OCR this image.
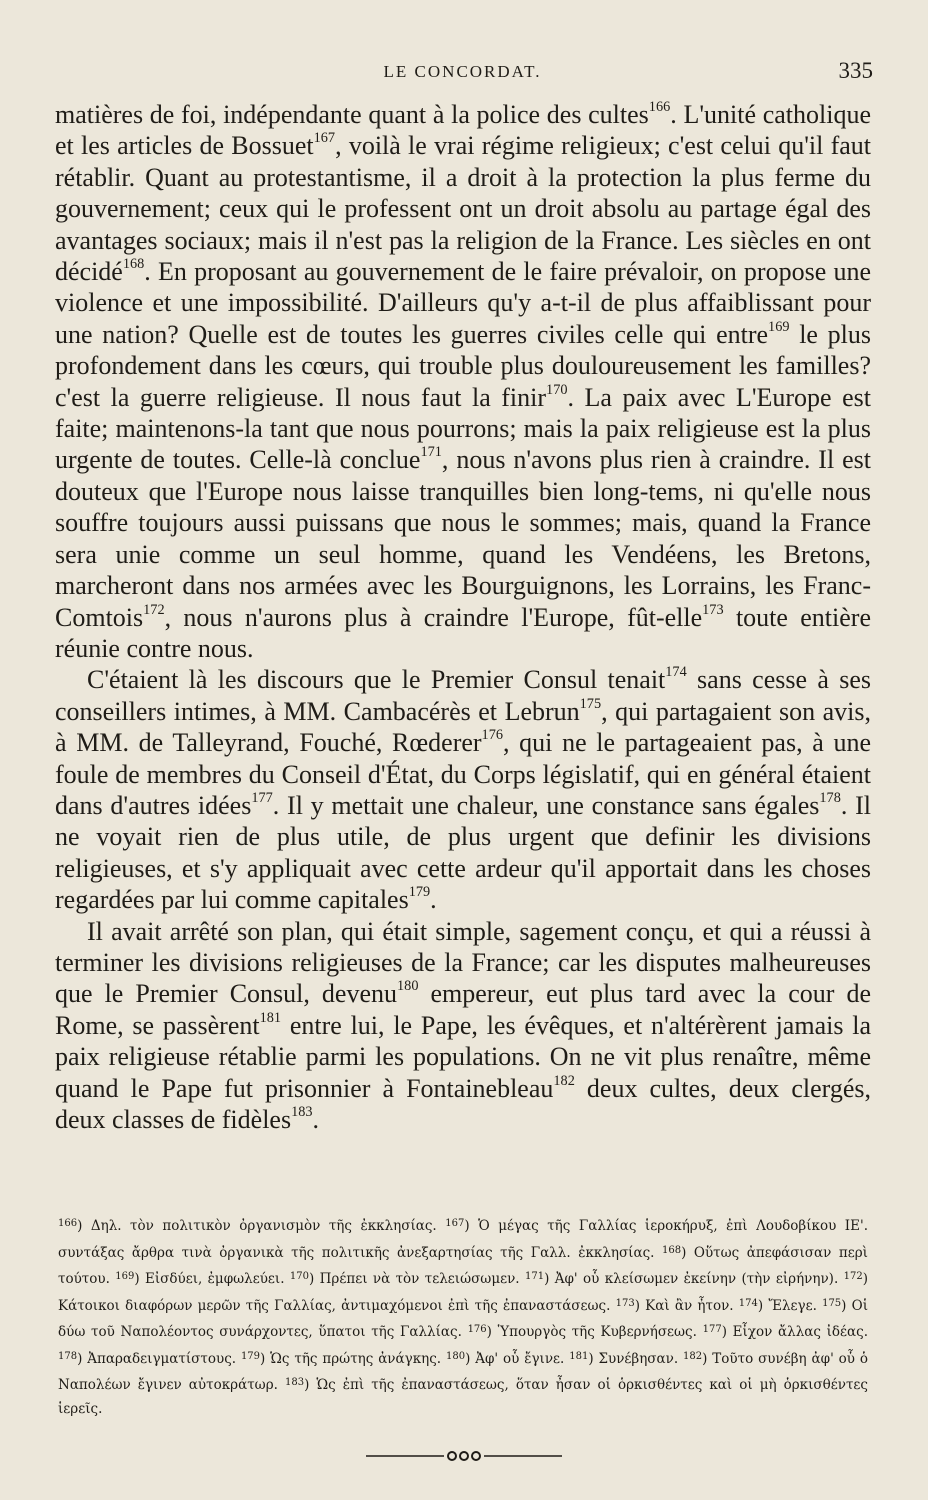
LE CONCORDAT.	335

matières de foi, indépendante quant à la police des cultes$^{166}$. L'unité catholique et les articles de Bossuet$^{167}$, voilà le vrai régime religieux; c'est celui qu'il faut rétablir. Quant au protestantisme, il a droit à la protection la plus ferme du gouvernement; ceux qui le professent ont un droit absolu au partage égal des avantages sociaux; mais il n'est pas la religion de la France. Les siècles en ont décidé$^{168}$. En proposant au gouvernement de le faire prévaloir, on propose une violence et une impossibilité. D'ailleurs qu'y a-t-il de plus affaiblissant pour une nation? Quelle est de toutes les guerres civiles celle qui entre$^{169}$ le plus profondement dans les cœurs, qui trouble plus douloureusement les familles? c'est la guerre religieuse. Il nous faut la finir$^{170}$. La paix avec L'Europe est faite; maintenons-la tant que nous pourrons; mais la paix religieuse est la plus urgente de toutes. Celle-là conclue$^{171}$, nous n'avons plus rien à craindre. Il est douteux que l'Europe nous laisse tranquilles bien long-tems, ni qu'elle nous souffre toujours aussi puissans que nous le sommes; mais, quand la France sera unie comme un seul homme, quand les Vendéens, les Bretons, marcheront dans nos armées avec les Bourguignons, les Lorrains, les Franc-Comtois$^{172}$, nous n'aurons plus à craindre l'Europe, fût-elle$^{173}$ toute entière réunie contre nous.

C'étaient là les discours que le Premier Consul tenait$^{174}$ sans cesse à ses conseillers intimes, à MM. Cambacérès et Lebrun$^{175}$, qui partagaient son avis, à MM. de Talleyrand, Fouché, Rœderer$^{176}$, qui ne le partageaient pas, à une foule de membres du Conseil d'État, du Corps législatif, qui en général étaient dans d'autres idées$^{177}$. Il y mettait une chaleur, une constance sans égales$^{178}$. Il ne voyait rien de plus utile, de plus urgent que definir les divisions religieuses, et s'y appliquait avec cette ardeur qu'il apportait dans les choses regardées par lui comme capitales$^{179}$.

Il avait arrêté son plan, qui était simple, sagement conçu, et qui a réussi à terminer les divisions religieuses de la France; car les disputes malheureuses que le Premier Consul, devenu$^{180}$ empereur, eut plus tard avec la cour de Rome, se passèrent$^{181}$ entre lui, le Pape, les évêques, et n'altérèrent jamais la paix religieuse rétablie parmi les populations. On ne vit plus renaître, même quand le Pape fut prisonnier à Fontainebleau$^{182}$ deux cultes, deux clergés, deux classes de fidèles$^{183}$.

$^{166}$) Δηλ. τὸν πολιτικὸν ὀργανισμὸν τῆς ἐκκλησίας. $^{167}$) Ὁ μέγας τῆς Γαλλίας ἱεροκήρυξ, ἐπὶ Λουδοβίκου ΙΕ'. συντάξας ἄρθρα τινὰ ὀργανικὰ τῆς πολιτικῆς ἀνεξαρτησίας τῆς Γαλλ. ἐκκλησίας. $^{168}$) Οὕτως ἀπεφάσισαν περὶ τούτου. $^{169}$) Εἰσδύει, ἐμφωλεύει. $^{170}$) Πρέπει νὰ τὸν τελειώσωμεν. $^{171}$) Ἀφ' οὗ κλείσωμεν ἐκείνην (τὴν εἰρήνην). $^{172}$) Κάτοικοι διαφόρων μερῶν τῆς Γαλλίας, ἀντιμαχόμενοι ἐπὶ τῆς ἐπαναστάσεως. $^{173}$) Καὶ ἂν ἦτον. $^{174}$) Ἔλεγε. $^{175}$) Οἱ δύω τοῦ Ναπολέοντος συνάρχοντες, ὕπατοι τῆς Γαλλίας. $^{176}$) Ὑπουργὸς τῆς Κυβερνήσεως. $^{177}$) Εἶχον ἄλλας ἰδέας. $^{178}$) Ἀπαραδειγματίστους. $^{179}$) Ὡς τῆς πρώτης ἀνάγκης. $^{180}$) Ἀφ' οὗ ἔγινε. $^{181}$) Συνέβησαν. $^{182}$) Τοῦτο συνέβη ἀφ' οὗ ὁ Ναπολέων ἔγινεν αὐτοκράτωρ. $^{183}$) Ὡς ἐπὶ τῆς ἐπαναστάσεως, ὅταν ἦσαν οἱ ὁρκισθέντες καὶ οἱ μὴ ὁρκισθέντες ἱερεῖς.
